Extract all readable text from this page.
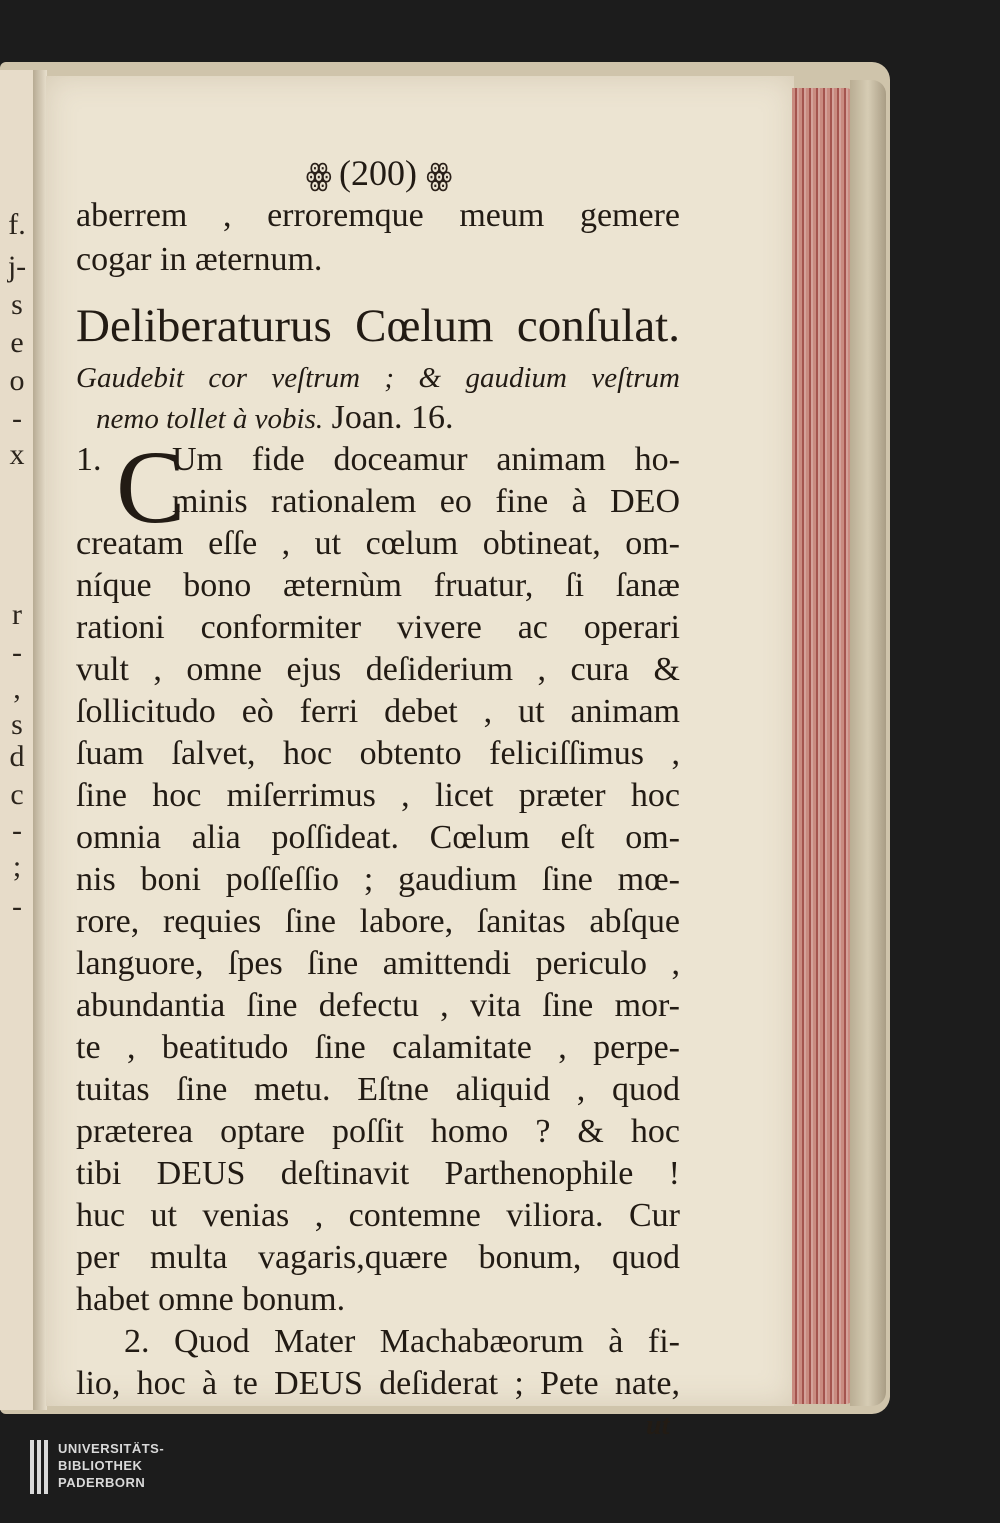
f.
j-
s
e
o
-
x
r
-
,
s
d
c
-
;
-
ꙮ (200) ꙮ
aberrem , erroremque meum gemere
cogar in æternum.
Deliberaturus Cœlum conſulat.
Gaudebit cor veſtrum ; & gaudium veſtrum
nemo tollet à vobis. Joan. 16.
1. C
Um fide doceamur animam ho-
minis rationalem eo fine à DEO
creatam eſſe , ut cœlum obtineat, om-
níque bono æternùm fruatur, ſi ſanæ
rationi conformiter vivere ac operari
vult , omne ejus deſiderium , cura &
ſollicitudo eò ferri debet , ut animam
ſuam ſalvet, hoc obtento feliciſſimus ,
ſine hoc miſerrimus , licet præter hoc
omnia alia poſſideat. Cœlum eſt om-
nis boni poſſeſſio ; gaudium ſine mœ-
rore, requies ſine labore, ſanitas abſque
languore, ſpes ſine amittendi periculo ,
abundantia ſine defectu , vita ſine mor-
te , beatitudo ſine calamitate , perpe-
tuitas ſine metu. Eſtne aliquid , quod
præterea optare poſſit homo ? & hoc
tibi DEUS deſtinavit Parthenophile !
huc ut venias , contemne viliora. Cur
per multa vagaris,quære bonum, quod
habet omne bonum.
2. Quod Mater Machabæorum à fi-
lio, hoc à te DEUS deſiderat ; Pete nate,
ut
UNIVERSITÄTS-
BIBLIOTHEK
PADERBORN
